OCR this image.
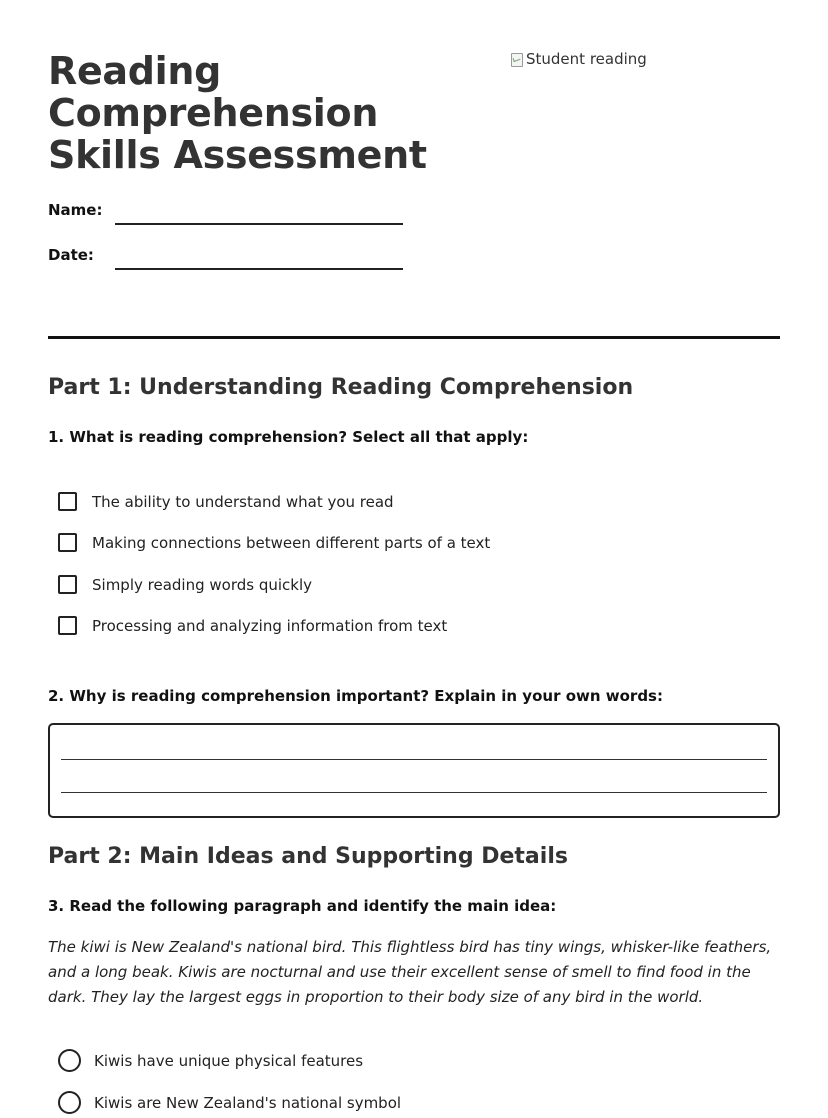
Reading Comprehension Skills Assessment
Student reading
Name:
Date:
Part 1: Understanding Reading Comprehension

1. What is reading comprehension? Select all that apply:

The ability to understand what you read
Making connections between different parts of a text
Simply reading words quickly
Processing and analyzing information from text

2. Why is reading comprehension important? Explain in your own words:

Part 2: Main Ideas and Supporting Details

3. Read the following paragraph and identify the main idea:

The kiwi is New Zealand's national bird. This flightless bird has tiny wings, whisker-like feathers, and a long beak. Kiwis are nocturnal and use their excellent sense of smell to find food in the dark. They lay the largest eggs in proportion to their body size of any bird in the world.

Kiwis have unique physical features
Kiwis are New Zealand's national symbol
